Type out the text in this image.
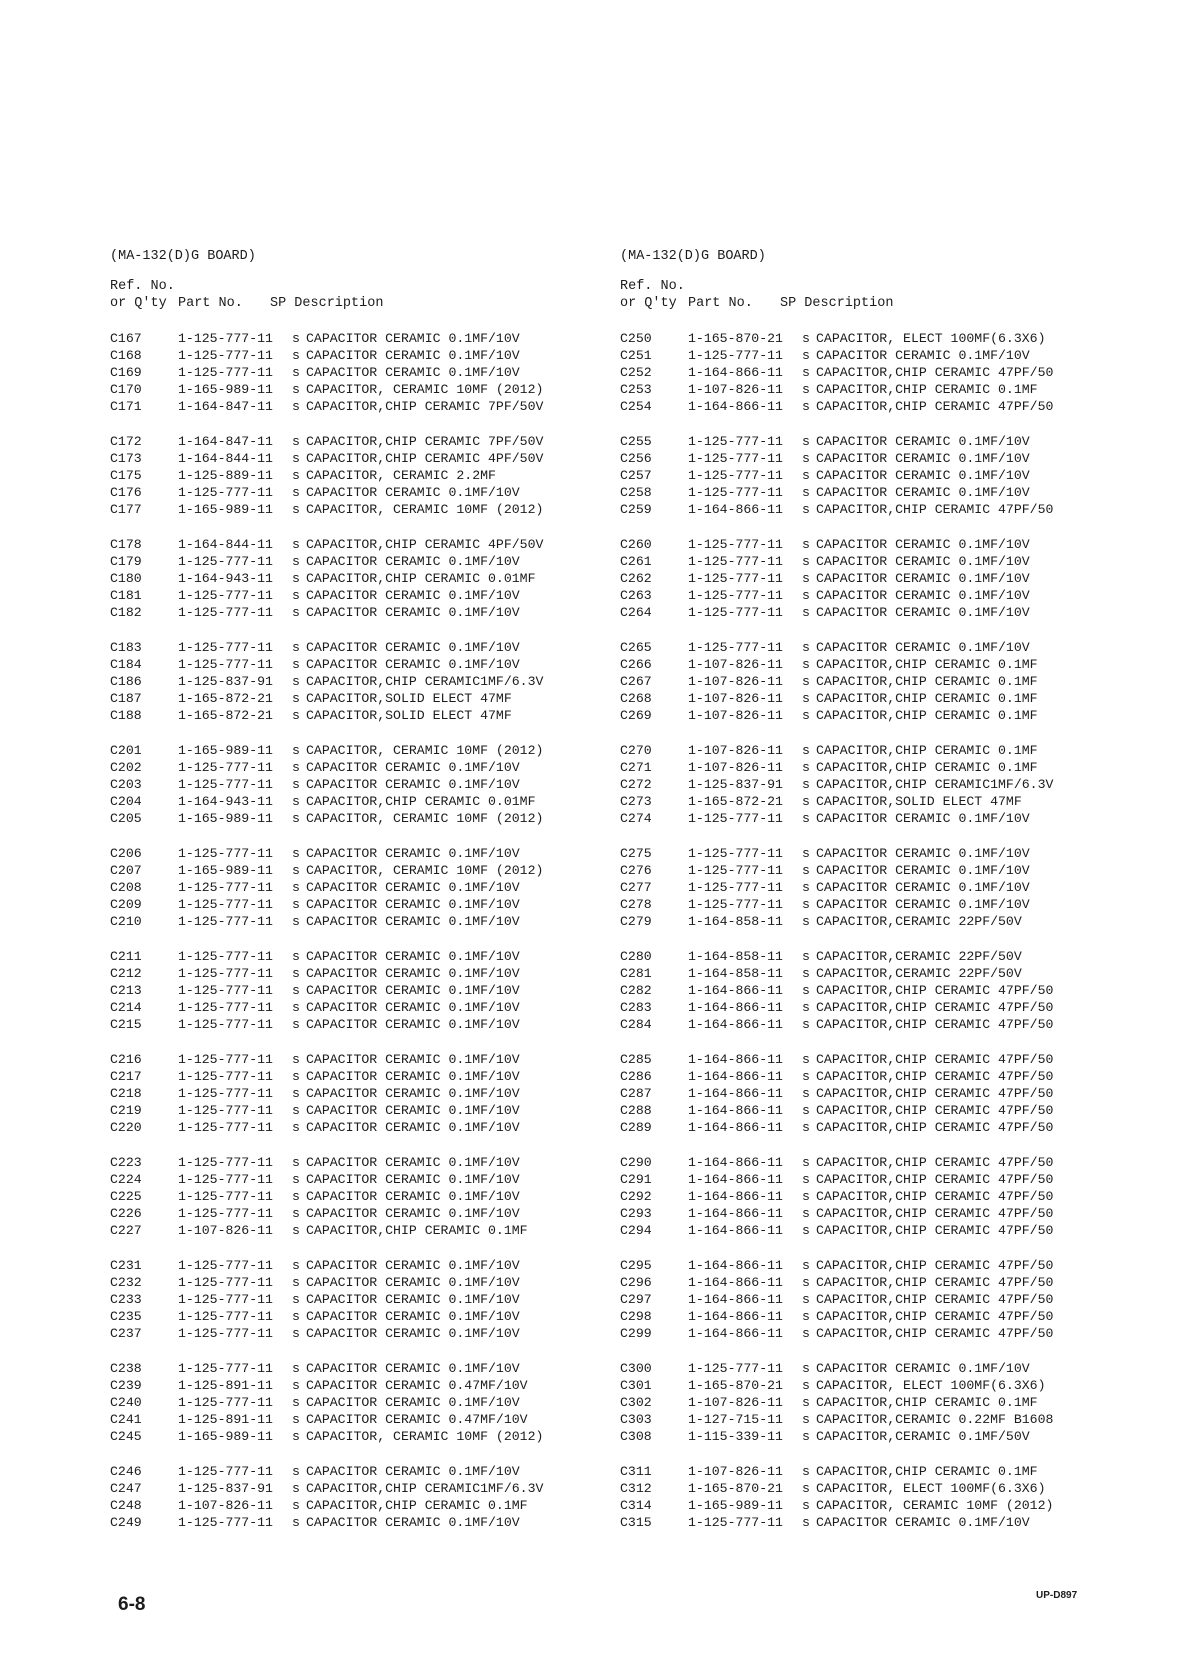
(MA-132(D)G BOARD)
Ref. No.
or Q'ty Part No. SP Description
C167	1-125-777-11 s CAPACITOR CERAMIC 0.1MF/10V
C168	1-125-777-11 s CAPACITOR CERAMIC 0.1MF/10V
C169	1-125-777-11 s CAPACITOR CERAMIC 0.1MF/10V
C170	1-165-989-11 s CAPACITOR, CERAMIC 10MF (2012)
C171	1-164-847-11 s CAPACITOR,CHIP CERAMIC 7PF/50V
C172	1-164-847-11 s CAPACITOR,CHIP CERAMIC 7PF/50V
C173	1-164-844-11 s CAPACITOR,CHIP CERAMIC 4PF/50V
C175	1-125-889-11 s CAPACITOR, CERAMIC 2.2MF
C176	1-125-777-11 s CAPACITOR CERAMIC 0.1MF/10V
C177	1-165-989-11 s CAPACITOR, CERAMIC 10MF (2012)
C178	1-164-844-11 s CAPACITOR,CHIP CERAMIC 4PF/50V
C179	1-125-777-11 s CAPACITOR CERAMIC 0.1MF/10V
C180	1-164-943-11 s CAPACITOR,CHIP CERAMIC 0.01MF
C181	1-125-777-11 s CAPACITOR CERAMIC 0.1MF/10V
C182	1-125-777-11 s CAPACITOR CERAMIC 0.1MF/10V
C183	1-125-777-11 s CAPACITOR CERAMIC 0.1MF/10V
C184	1-125-777-11 s CAPACITOR CERAMIC 0.1MF/10V
C186	1-125-837-91 s CAPACITOR,CHIP CERAMIC1MF/6.3V
C187	1-165-872-21 s CAPACITOR,SOLID ELECT 47MF
C188	1-165-872-21 s CAPACITOR,SOLID ELECT 47MF
C201	1-165-989-11 s CAPACITOR, CERAMIC 10MF (2012)
C202	1-125-777-11 s CAPACITOR CERAMIC 0.1MF/10V
C203	1-125-777-11 s CAPACITOR CERAMIC 0.1MF/10V
C204	1-164-943-11 s CAPACITOR,CHIP CERAMIC 0.01MF
C205	1-165-989-11 s CAPACITOR, CERAMIC 10MF (2012)
C206	1-125-777-11 s CAPACITOR CERAMIC 0.1MF/10V
C207	1-165-989-11 s CAPACITOR, CERAMIC 10MF (2012)
C208	1-125-777-11 s CAPACITOR CERAMIC 0.1MF/10V
C209	1-125-777-11 s CAPACITOR CERAMIC 0.1MF/10V
C210	1-125-777-11 s CAPACITOR CERAMIC 0.1MF/10V
C211	1-125-777-11 s CAPACITOR CERAMIC 0.1MF/10V
C212	1-125-777-11 s CAPACITOR CERAMIC 0.1MF/10V
C213	1-125-777-11 s CAPACITOR CERAMIC 0.1MF/10V
C214	1-125-777-11 s CAPACITOR CERAMIC 0.1MF/10V
C215	1-125-777-11 s CAPACITOR CERAMIC 0.1MF/10V
C216	1-125-777-11 s CAPACITOR CERAMIC 0.1MF/10V
C217	1-125-777-11 s CAPACITOR CERAMIC 0.1MF/10V
C218	1-125-777-11 s CAPACITOR CERAMIC 0.1MF/10V
C219	1-125-777-11 s CAPACITOR CERAMIC 0.1MF/10V
C220	1-125-777-11 s CAPACITOR CERAMIC 0.1MF/10V
C223	1-125-777-11 s CAPACITOR CERAMIC 0.1MF/10V
C224	1-125-777-11 s CAPACITOR CERAMIC 0.1MF/10V
C225	1-125-777-11 s CAPACITOR CERAMIC 0.1MF/10V
C226	1-125-777-11 s CAPACITOR CERAMIC 0.1MF/10V
C227	1-107-826-11 s CAPACITOR,CHIP CERAMIC 0.1MF
C231	1-125-777-11 s CAPACITOR CERAMIC 0.1MF/10V
C232	1-125-777-11 s CAPACITOR CERAMIC 0.1MF/10V
C233	1-125-777-11 s CAPACITOR CERAMIC 0.1MF/10V
C235	1-125-777-11 s CAPACITOR CERAMIC 0.1MF/10V
C237	1-125-777-11 s CAPACITOR CERAMIC 0.1MF/10V
C238	1-125-777-11 s CAPACITOR CERAMIC 0.1MF/10V
C239	1-125-891-11 s CAPACITOR CERAMIC 0.47MF/10V
C240	1-125-777-11 s CAPACITOR CERAMIC 0.1MF/10V
C241	1-125-891-11 s CAPACITOR CERAMIC 0.47MF/10V
C245	1-165-989-11 s CAPACITOR, CERAMIC 10MF (2012)
C246	1-125-777-11 s CAPACITOR CERAMIC 0.1MF/10V
C247	1-125-837-91 s CAPACITOR,CHIP CERAMIC1MF/6.3V
C248	1-107-826-11 s CAPACITOR,CHIP CERAMIC 0.1MF
C249	1-125-777-11 s CAPACITOR CERAMIC 0.1MF/10V
(MA-132(D)G BOARD)
Ref. No.
or Q'ty Part No. SP Description
C250	1-165-870-21 s CAPACITOR, ELECT 100MF(6.3X6)
C251	1-125-777-11 s CAPACITOR CERAMIC 0.1MF/10V
C252	1-164-866-11 s CAPACITOR,CHIP CERAMIC 47PF/50
C253	1-107-826-11 s CAPACITOR,CHIP CERAMIC 0.1MF
C254	1-164-866-11 s CAPACITOR,CHIP CERAMIC 47PF/50
C255	1-125-777-11 s CAPACITOR CERAMIC 0.1MF/10V
C256	1-125-777-11 s CAPACITOR CERAMIC 0.1MF/10V
C257	1-125-777-11 s CAPACITOR CERAMIC 0.1MF/10V
C258	1-125-777-11 s CAPACITOR CERAMIC 0.1MF/10V
C259	1-164-866-11 s CAPACITOR,CHIP CERAMIC 47PF/50
C260	1-125-777-11 s CAPACITOR CERAMIC 0.1MF/10V
C261	1-125-777-11 s CAPACITOR CERAMIC 0.1MF/10V
C262	1-125-777-11 s CAPACITOR CERAMIC 0.1MF/10V
C263	1-125-777-11 s CAPACITOR CERAMIC 0.1MF/10V
C264	1-125-777-11 s CAPACITOR CERAMIC 0.1MF/10V
C265	1-125-777-11 s CAPACITOR CERAMIC 0.1MF/10V
C266	1-107-826-11 s CAPACITOR,CHIP CERAMIC 0.1MF
C267	1-107-826-11 s CAPACITOR,CHIP CERAMIC 0.1MF
C268	1-107-826-11 s CAPACITOR,CHIP CERAMIC 0.1MF
C269	1-107-826-11 s CAPACITOR,CHIP CERAMIC 0.1MF
C270	1-107-826-11 s CAPACITOR,CHIP CERAMIC 0.1MF
C271	1-107-826-11 s CAPACITOR,CHIP CERAMIC 0.1MF
C272	1-125-837-91 s CAPACITOR,CHIP CERAMIC1MF/6.3V
C273	1-165-872-21 s CAPACITOR,SOLID ELECT 47MF
C274	1-125-777-11 s CAPACITOR CERAMIC 0.1MF/10V
C275	1-125-777-11 s CAPACITOR CERAMIC 0.1MF/10V
C276	1-125-777-11 s CAPACITOR CERAMIC 0.1MF/10V
C277	1-125-777-11 s CAPACITOR CERAMIC 0.1MF/10V
C278	1-125-777-11 s CAPACITOR CERAMIC 0.1MF/10V
C279	1-164-858-11 s CAPACITOR,CERAMIC 22PF/50V
C280	1-164-858-11 s CAPACITOR,CERAMIC 22PF/50V
C281	1-164-858-11 s CAPACITOR,CERAMIC 22PF/50V
C282	1-164-866-11 s CAPACITOR,CHIP CERAMIC 47PF/50
C283	1-164-866-11 s CAPACITOR,CHIP CERAMIC 47PF/50
C284	1-164-866-11 s CAPACITOR,CHIP CERAMIC 47PF/50
C285	1-164-866-11 s CAPACITOR,CHIP CERAMIC 47PF/50
C286	1-164-866-11 s CAPACITOR,CHIP CERAMIC 47PF/50
C287	1-164-866-11 s CAPACITOR,CHIP CERAMIC 47PF/50
C288	1-164-866-11 s CAPACITOR,CHIP CERAMIC 47PF/50
C289	1-164-866-11 s CAPACITOR,CHIP CERAMIC 47PF/50
C290	1-164-866-11 s CAPACITOR,CHIP CERAMIC 47PF/50
C291	1-164-866-11 s CAPACITOR,CHIP CERAMIC 47PF/50
C292	1-164-866-11 s CAPACITOR,CHIP CERAMIC 47PF/50
C293	1-164-866-11 s CAPACITOR,CHIP CERAMIC 47PF/50
C294	1-164-866-11 s CAPACITOR,CHIP CERAMIC 47PF/50
C295	1-164-866-11 s CAPACITOR,CHIP CERAMIC 47PF/50
C296	1-164-866-11 s CAPACITOR,CHIP CERAMIC 47PF/50
C297	1-164-866-11 s CAPACITOR,CHIP CERAMIC 47PF/50
C298	1-164-866-11 s CAPACITOR,CHIP CERAMIC 47PF/50
C299	1-164-866-11 s CAPACITOR,CHIP CERAMIC 47PF/50
C300	1-125-777-11 s CAPACITOR CERAMIC 0.1MF/10V
C301	1-165-870-21 s CAPACITOR, ELECT 100MF(6.3X6)
C302	1-107-826-11 s CAPACITOR,CHIP CERAMIC 0.1MF
C303	1-127-715-11 s CAPACITOR,CERAMIC 0.22MF B1608
C308	1-115-339-11 s CAPACITOR,CERAMIC 0.1MF/50V
C311	1-107-826-11 s CAPACITOR,CHIP CERAMIC 0.1MF
C312	1-165-870-21 s CAPACITOR, ELECT 100MF(6.3X6)
C314	1-165-989-11 s CAPACITOR, CERAMIC 10MF (2012)
C315	1-125-777-11 s CAPACITOR CERAMIC 0.1MF/10V
6-8	UP-D897
